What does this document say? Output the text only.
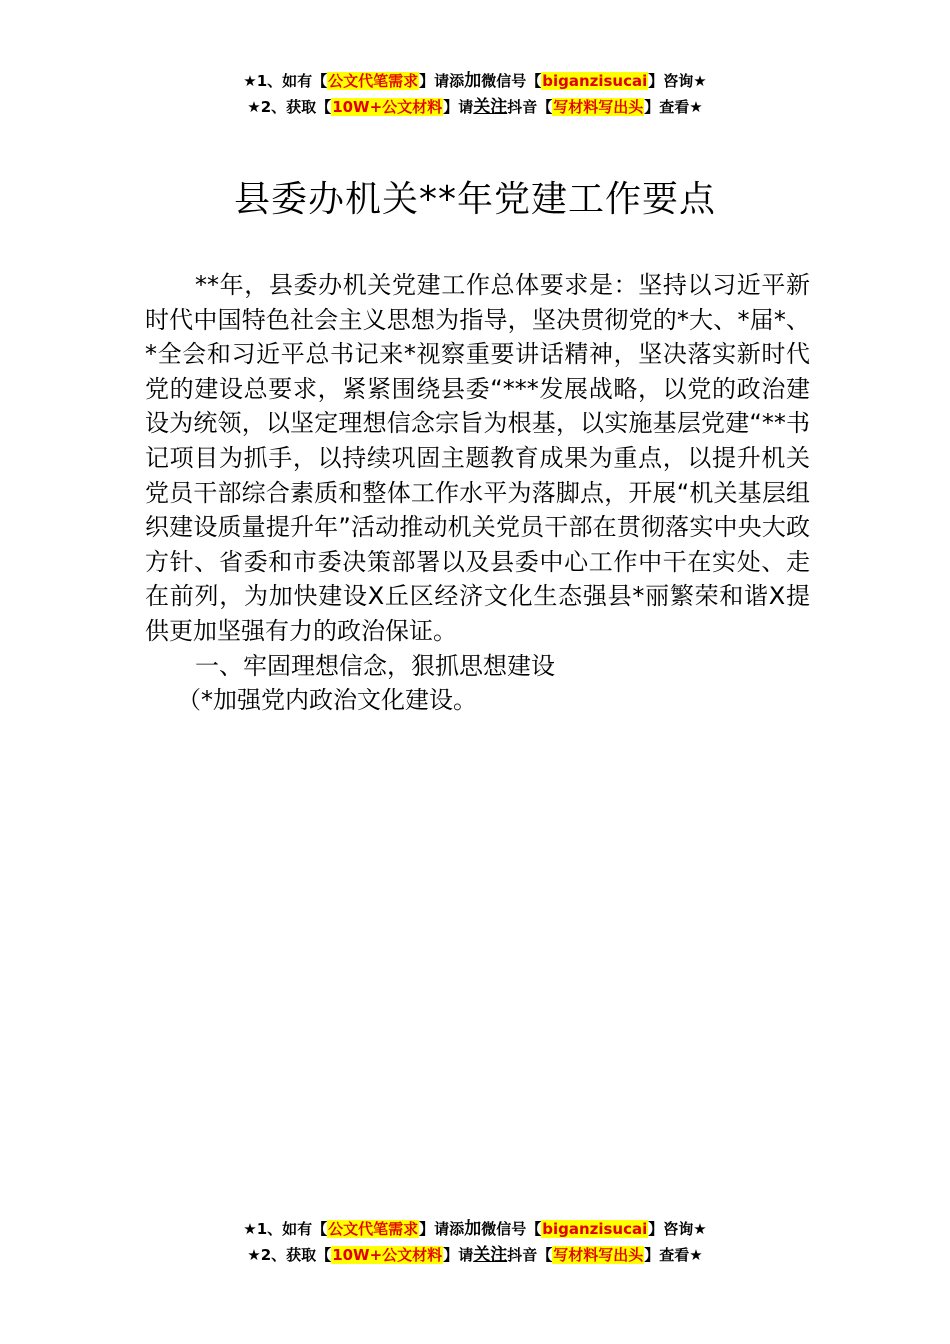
★1、如有【公文代笔需求】请添加微信号【biganzisucai】咨询★
★2、获取【10W+公文材料】请关注抖音【写材料写出头】查看★
县委办机关**年党建工作要点

**年，县委办机关党建工作总体要求是：坚持以习近平新时代中国特色社会主义思想为指导，坚决贯彻党的*大、*届*、*全会和习近平总书记来*视察重要讲话精神，坚决落实新时代党的建设总要求，紧紧围绕县委“***发展战略，以党的政治建设为统领，以坚定理想信念宗旨为根基，以实施基层党建“**书记项目为抓手，以持续巩固主题教育成果为重点，以提升机关党员干部综合素质和整体工作水平为落脚点，开展“机关基层组织建设质量提升年”活动推动机关党员干部在贯彻落实中央大政方针、省委和市委决策部署以及县委中心工作中干在实处、走在前列，为加快建设X丘区经济文化生态强县*丽繁荣和谐X提供更加坚强有力的政治保证。

一、牢固理想信念，狠抓思想建设

（*加强党内政治文化建设。

★1、如有【公文代笔需求】请添加微信号【biganzisucai】咨询★
★2、获取【10W+公文材料】请关注抖音【写材料写出头】查看★
